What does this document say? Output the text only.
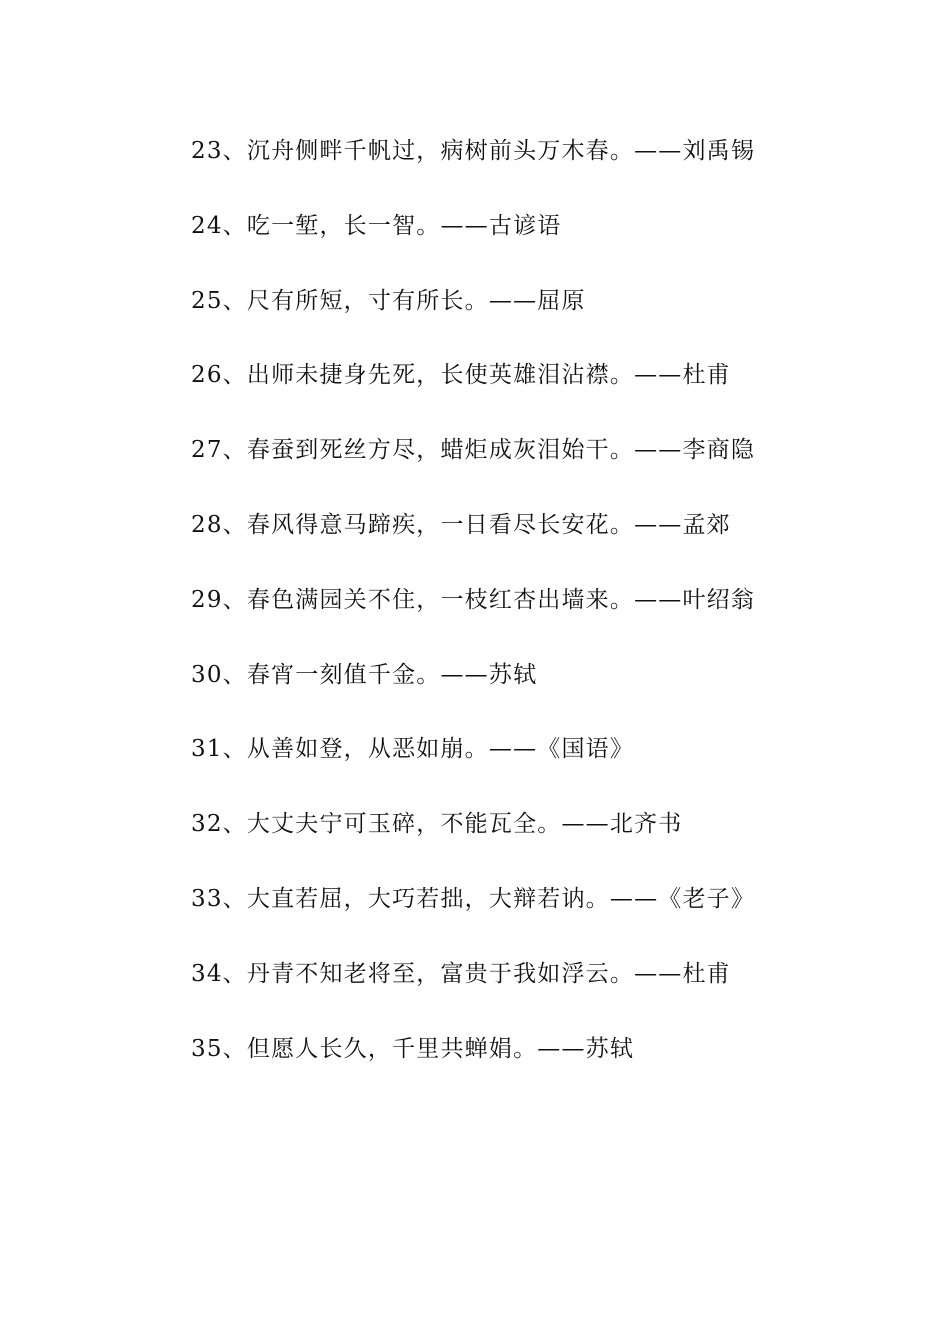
23、沉舟侧畔千帆过，病树前头万木春。——刘禹锡
24、吃一堑，长一智。——古谚语
25、尺有所短，寸有所长。——屈原
26、出师未捷身先死，长使英雄泪沾襟。——杜甫
27、春蚕到死丝方尽，蜡炬成灰泪始干。——李商隐
28、春风得意马蹄疾，一日看尽长安花。——孟郊
29、春色满园关不住，一枝红杏出墙来。——叶绍翁
30、春宵一刻值千金。——苏轼
31、从善如登，从恶如崩。——《国语》
32、大丈夫宁可玉碎，不能瓦全。——北齐书
33、大直若屈，大巧若拙，大辩若讷。——《老子》
34、丹青不知老将至，富贵于我如浮云。——杜甫
35、但愿人长久，千里共蝉娟。——苏轼
